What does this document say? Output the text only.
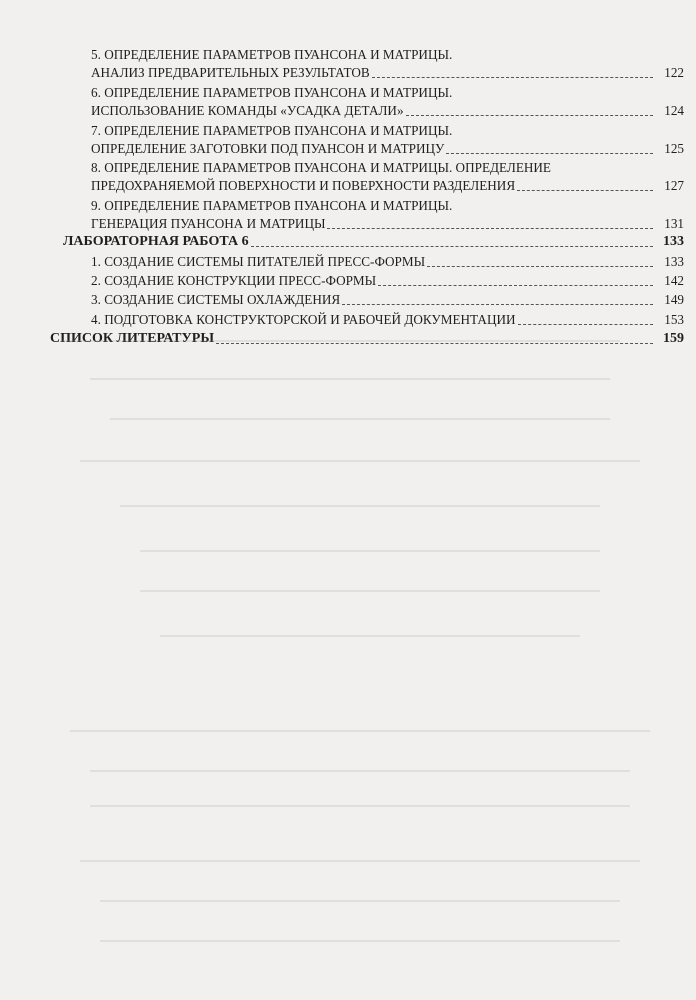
5. ОПРЕДЕЛЕНИЕ ПАРАМЕТРОВ ПУАНСОНА И МАТРИЦЫ.
АНАЛИЗ ПРЕДВАРИТЕЛЬНЫХ РЕЗУЛЬТАТОВ	122
6. ОПРЕДЕЛЕНИЕ ПАРАМЕТРОВ ПУАНСОНА И МАТРИЦЫ.
ИСПОЛЬЗОВАНИЕ КОМАНДЫ «УСАДКА ДЕТАЛИ»	124
7. ОПРЕДЕЛЕНИЕ ПАРАМЕТРОВ ПУАНСОНА И МАТРИЦЫ.
ОПРЕДЕЛЕНИЕ ЗАГОТОВКИ ПОД ПУАНСОН И МАТРИЦУ	125
8. ОПРЕДЕЛЕНИЕ ПАРАМЕТРОВ ПУАНСОНА И МАТРИЦЫ. ОПРЕДЕЛЕНИЕ
ПРЕДОХРАНЯЕМОЙ ПОВЕРХНОСТИ И ПОВЕРХНОСТИ РАЗДЕЛЕНИЯ	127
9. ОПРЕДЕЛЕНИЕ ПАРАМЕТРОВ ПУАНСОНА И МАТРИЦЫ.
ГЕНЕРАЦИЯ ПУАНСОНА И МАТРИЦЫ	131
ЛАБОРАТОРНАЯ РАБОТА 6	133
1. СОЗДАНИЕ СИСТЕМЫ ПИТАТЕЛЕЙ ПРЕСС-ФОРМЫ	133
2. СОЗДАНИЕ КОНСТРУКЦИИ ПРЕСС-ФОРМЫ	142
3. СОЗДАНИЕ СИСТЕМЫ ОХЛАЖДЕНИЯ	149
4. ПОДГОТОВКА КОНСТРУКТОРСКОЙ И РАБОЧЕЙ ДОКУМЕНТАЦИИ	153
СПИСОК ЛИТЕРАТУРЫ	159
